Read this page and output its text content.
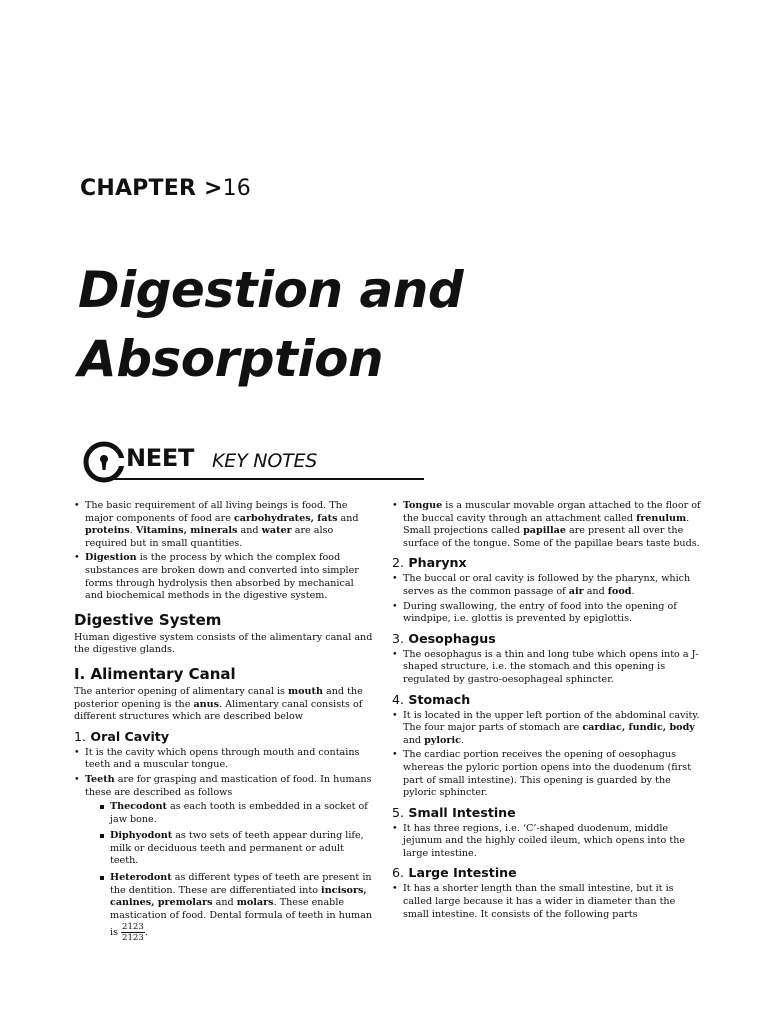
CHAPTER >16
Digestion and
Absorption
NEET KEY NOTES
• The basic requirement of all living beings is food. The major components of food are carbohydrates, fats and proteins. Vitamins, minerals and water are also required but in small quantities.
• Digestion is the process by which the complex food substances are broken down and converted into simpler forms through hydrolysis then absorbed by mechanical and biochemical methods in the digestive system.
Digestive System

Human digestive system consists of the alimentary canal and the digestive glands.

I. Alimentary Canal

The anterior opening of alimentary canal is mouth and the posterior opening is the anus. Alimentary canal consists of different structures which are described below

1. Oral Cavity
• It is the cavity which opens through mouth and contains teeth and a muscular tongue.
• Teeth are for grasping and mastication of food. In humans these are described as follows
Thecodont as each tooth is embedded in a socket of jaw bone.
Diphyodont as two sets of teeth appear during life, milk or deciduous teeth and permanent or adult teeth.
Heterodont as different types of teeth are present in the dentition. These are differentiated into incisors, canines, premolars and molars. These enable mastication of food. Dental formula of teeth in human is $\frac{2123}{2123}$ .
• Tongue is a muscular movable organ attached to the floor of the buccal cavity through an attachment called frenulum. Small projections called papillae are present all over the surface of the tongue. Some of the papillae bears taste buds.
2. Pharynx
• The buccal or oral cavity is followed by the pharynx, which serves as the common passage of air and food.
• During swallowing, the entry of food into the opening of windpipe, i.e. glottis is prevented by epiglottis.
3. Oesophagus
• The oesophagus is a thin and long tube which opens into a J-shaped structure, i.e. the stomach and this opening is regulated by gastro-oesophageal sphincter.
4. Stomach
• It is located in the upper left portion of the abdominal cavity. The four major parts of stomach are cardiac, fundic, body and pyloric.
• The cardiac portion receives the opening of oesophagus whereas the pyloric portion opens into the duodenum (first part of small intestine). This opening is guarded by the pyloric sphincter.
5. Small Intestine
• It has three regions, i.e. ‘C’-shaped duodenum, middle jejunum and the highly coiled ileum, which opens into the large intestine.
6. Large Intestine
• It has a shorter length than the small intestine, but it is called large because it has a wider in diameter than the small intestine. It consists of the following parts
